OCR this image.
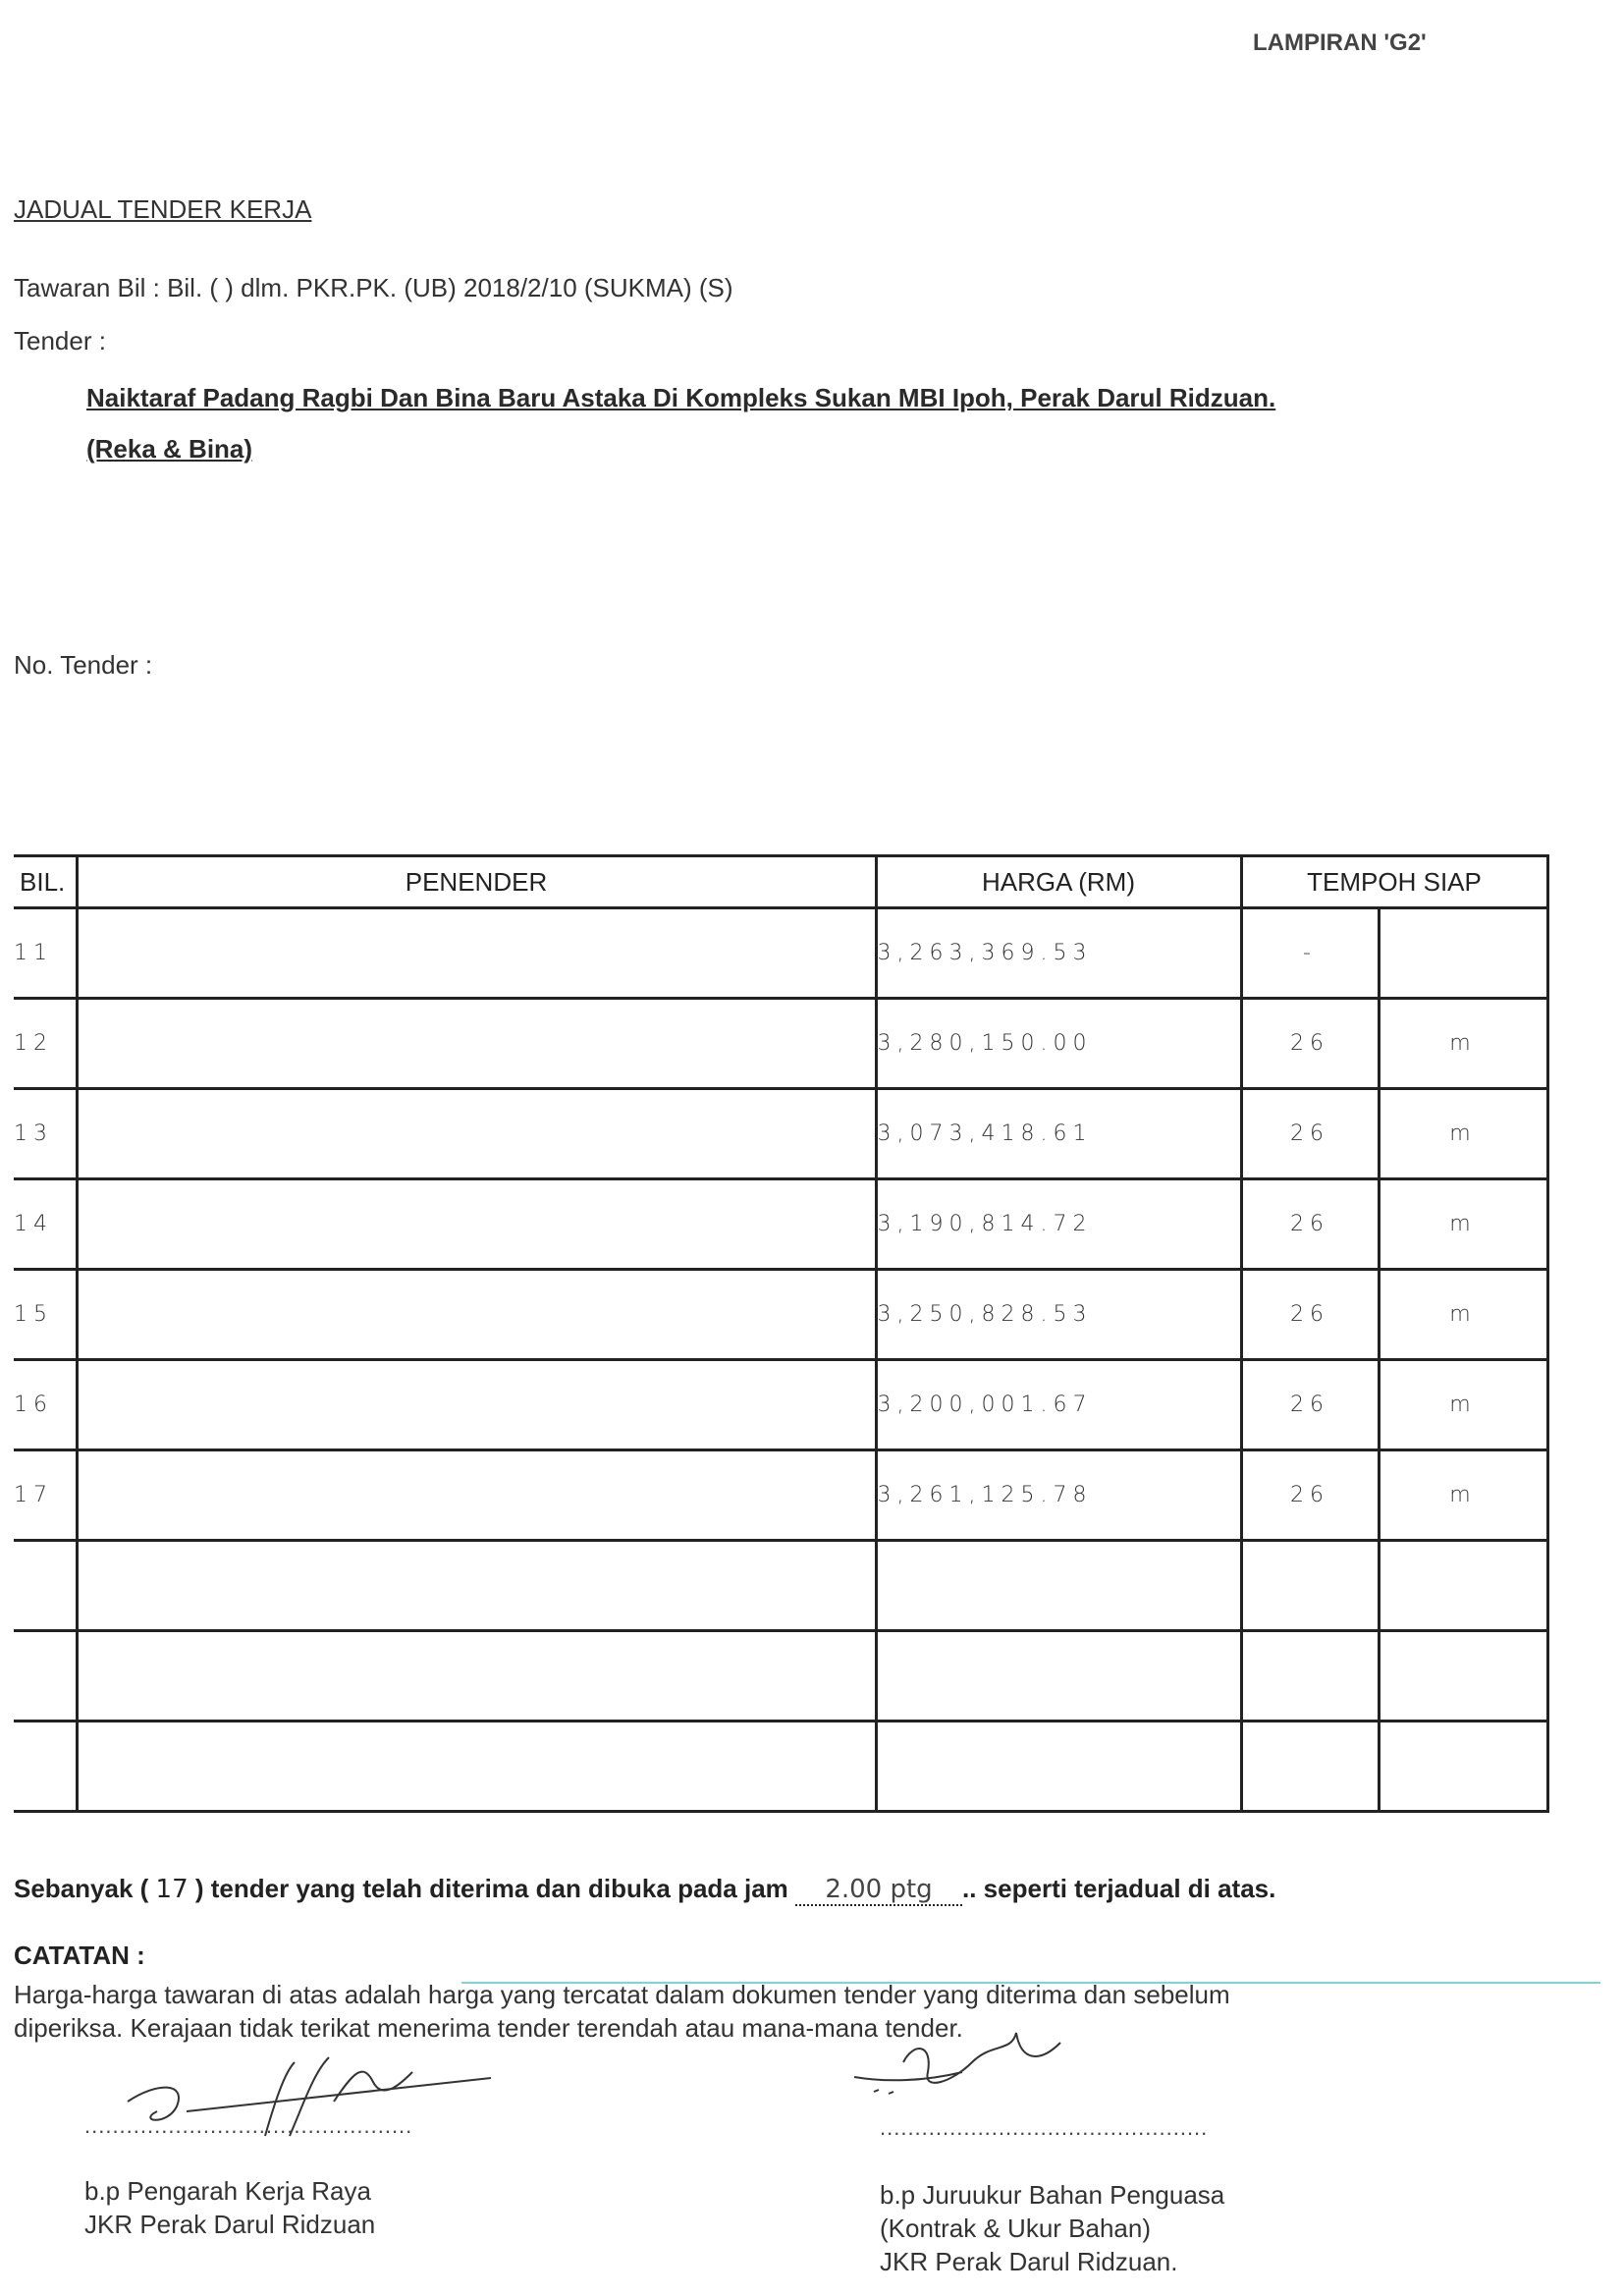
LAMPIRAN 'G2'
JADUAL TENDER KERJA
Tawaran Bil : Bil. ( ) dlm. PKR.PK. (UB) 2018/2/10 (SUKMA) (S)
Tender :
Naiktaraf Padang Ragbi Dan Bina Baru Astaka Di Kompleks Sukan MBI Ipoh, Perak Darul Ridzuan.
(Reka & Bina)
No. Tender :
BIL.	PENENDER	HARGA (RM)	TEMPOH SIAP	
11		3,263,369.53	-	
12		3,280,150.00	26	m
13		3,073,418.61	26	m
14		3,190,814.72	26	m
15		3,250,828.53	26	m
16		3,200,001.67	26	m
17		3,261,125.78	26	m

Sebanyak ( 17 ) tender yang telah diterima dan dibuka pada jam 2.00 ptg .. seperti terjadual di atas.
CATATAN :
Harga-harga tawaran di atas adalah harga yang tercatat dalam dokumen tender yang diterima dan sebelum diperiksa. Kerajaan tidak terikat menerima tender terendah atau mana-mana tender.
...............................................
b.p Pengarah Kerja Raya
JKR Perak Darul Ridzuan
...............................................
b.p Juruukur Bahan Penguasa
(Kontrak & Ukur Bahan)
JKR Perak Darul Ridzuan.
